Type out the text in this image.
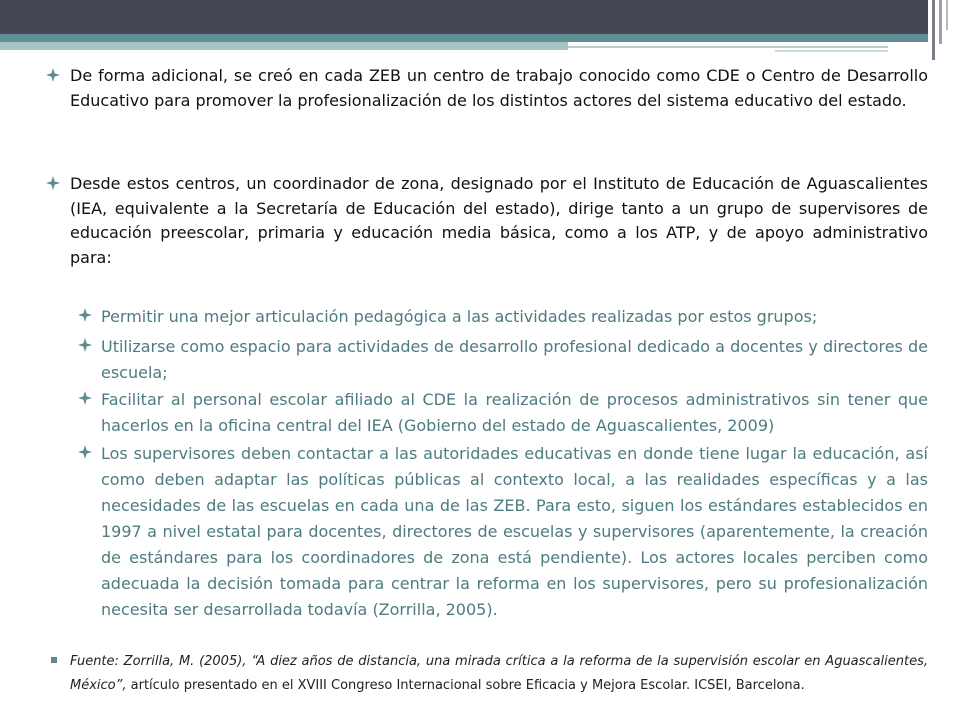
De forma adicional, se creó en cada ZEB un centro de trabajo conocido como CDE o Centro de Desarrollo Educativo para promover la profesionalización de los distintos actores del sistema educativo del estado.
Desde estos centros, un coordinador de zona, designado por el Instituto de Educación de Aguascalientes (IEA, equivalente a la Secretaría de Educación del estado), dirige tanto a un grupo de supervisores de educación preescolar, primaria y educación media básica, como a los ATP, y de apoyo administrativo para:
Permitir una mejor articulación pedagógica a las actividades realizadas por estos grupos;
Utilizarse como espacio para actividades de desarrollo profesional dedicado a docentes y directores de escuela;
Facilitar al personal escolar afiliado al CDE la realización de procesos administrativos sin tener que hacerlos en la oficina central del IEA (Gobierno del estado de Aguascalientes, 2009)
Los supervisores deben contactar a las autoridades educativas en donde tiene lugar la educación, así como deben adaptar las políticas públicas al contexto local, a las realidades específicas y a las necesidades de las escuelas en cada una de las ZEB. Para esto, siguen los estándares establecidos en 1997 a nivel estatal para docentes, directores de escuelas y supervisores (aparentemente, la creación de estándares para los coordinadores de zona está pendiente). Los actores locales perciben como adecuada la decisión tomada para centrar la reforma en los supervisores, pero su profesionalización necesita ser desarrollada todavía (Zorrilla, 2005).
Fuente: Zorrilla, M. (2005), “A diez años de distancia, una mirada crítica a la reforma de la supervisión escolar en Aguascalientes, México”, artículo presentado en el XVIII Congreso Internacional sobre Eficacia y Mejora Escolar. ICSEI, Barcelona.
